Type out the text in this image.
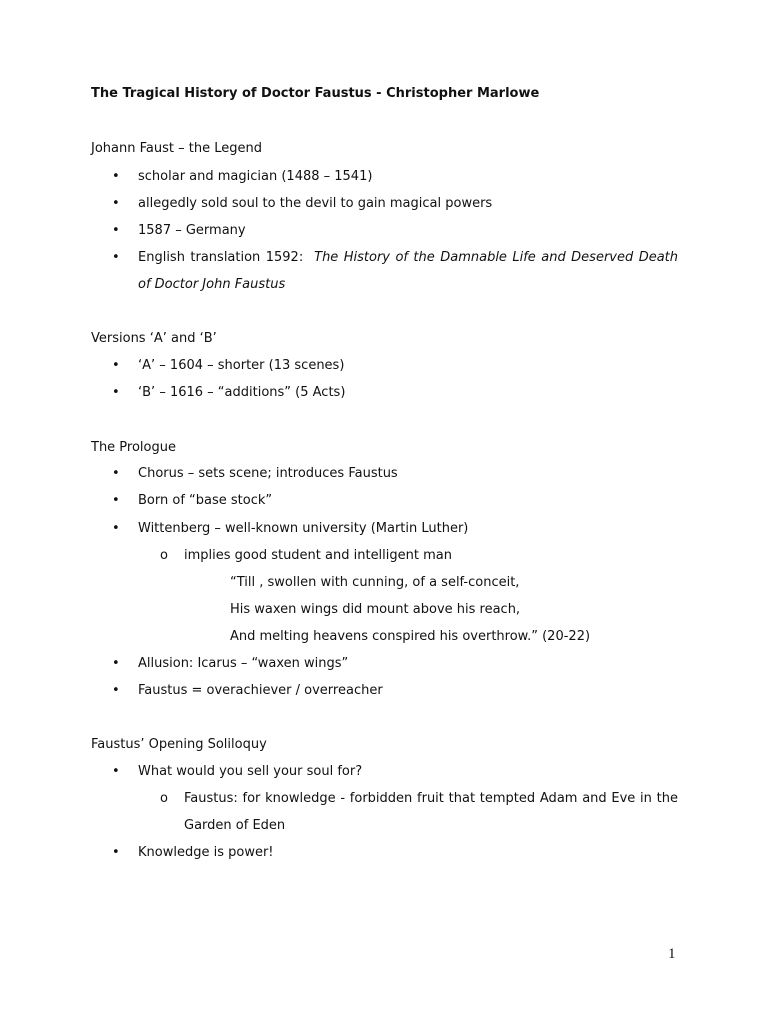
The Tragical History of Doctor Faustus - Christopher Marlowe
Johann Faust – the Legend
• scholar and magician (1488 – 1541)
• allegedly sold soul to the devil to gain magical powers
• 1587 – Germany
• English translation 1592: The History of the Damnable Life and Deserved Death of Doctor John Faustus
Versions ‘A’ and ‘B’
• ‘A’ – 1604 – shorter (13 scenes)
• ‘B’ – 1616 – “additions” (5 Acts)
The Prologue
• Chorus – sets scene; introduces Faustus
• Born of “base stock”
• Wittenberg – well-known university (Martin Luther)
o implies good student and intelligent man
“Till , swollen with cunning, of a self-conceit,
His waxen wings did mount above his reach,
And melting heavens conspired his overthrow.” (20-22)
• Allusion: Icarus – “waxen wings”
• Faustus = overachiever / overreacher
Faustus’ Opening Soliloquy
• What would you sell your soul for?
o Faustus: for knowledge - forbidden fruit that tempted Adam and Eve in the Garden of Eden
• Knowledge is power!
1
